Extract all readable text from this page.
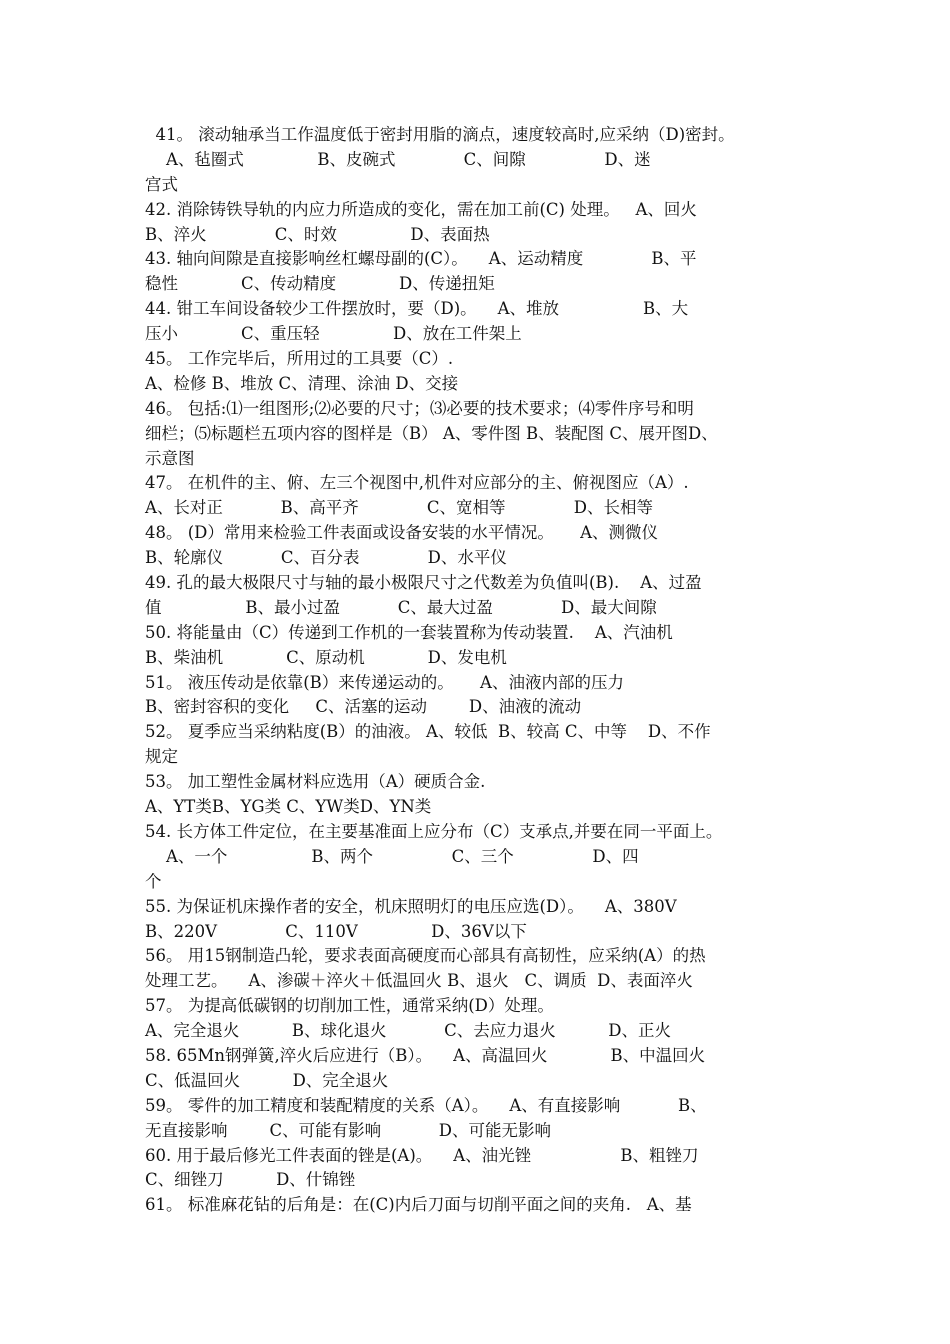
41。 滚动轴承当工作温度低于密封用脂的滴点，速度较高时,应采纳（D)密封。
A、毡圈式              B、皮碗式             C、间隙               D、迷
宫式
42. 消除铸铁导轨的内应力所造成的变化，需在加工前(C) 处理。   A、回火
B、淬火             C、时效              D、表面热
43. 轴向间隙是直接影响丝杠螺母副的(C）。    A、运动精度             B、平
稳性            C、传动精度            D、传递扭矩
44. 钳工车间设备较少工件摆放时，要（D)。    A、堆放                B、大
压小            C、重压轻              D、放在工件架上
45。 工作完毕后，所用过的工具要（C）.
A、检修 B、堆放 C、清理、涂油 D、交接
46。 包括:⑴一组图形;⑵必要的尺寸；⑶必要的技术要求；⑷零件序号和明
细栏；⑸标题栏五项内容的图样是（B） A、零件图 B、装配图 C、展开图D、
示意图
47。 在机件的主、俯、左三个视图中,机件对应部分的主、俯视图应（A）.
A、长对正           B、高平齐             C、宽相等             D、长相等
48。 (D）常用来检验工件表面或设备安装的水平情况。     A、测微仪
B、轮廓仪           C、百分表             D、水平仪
49. 孔的最大极限尺寸与轴的最小极限尺寸之代数差为负值叫(B).    A、过盈
值                B、最小过盈           C、最大过盈             D、最大间隙
50. 将能量由（C）传递到工作机的一套装置称为传动装置.    A、汽油机
B、柴油机            C、原动机            D、发电机
51。 液压传动是依靠(B）来传递运动的。     A、油液内部的压力
B、密封容积的变化     C、活塞的运动        D、油液的流动
52。 夏季应当采纳粘度(B）的油液。 A、较低  B、较高 C、中等    D、不作
规定
53。 加工塑性金属材料应选用（A）硬质合金.
A、YT类B、YG类 C、YW类D、YN类
54. 长方体工件定位，在主要基准面上应分布（C）支承点,并要在同一平面上。
A、一个                B、两个               C、三个               D、四
个
55. 为保证机床操作者的安全，机床照明灯的电压应选(D）。    A、380V
B、220V             C、110V              D、36V以下
56。 用15钢制造凸轮，要求表面高硬度而心部具有高韧性，应采纳(A）的热
处理工艺。    A、渗碳＋淬火＋低温回火 B、退火   C、调质  D、表面淬火
57。 为提高低碳钢的切削加工性，通常采纳(D）处理。
A、完全退火          B、球化退火           C、去应力退火          D、正火
58. 65Mn钢弹簧,淬火后应进行（B）。    A、高温回火            B、中温回火
C、低温回火          D、完全退火
59。 零件的加工精度和装配精度的关系（A）。    A、有直接影响           B、
无直接影响        C、可能有影响           D、可能无影响
60. 用于最后修光工件表面的锉是(A)。    A、油光锉                 B、粗锉刀
C、细锉刀          D、什锦锉
61。 标准麻花钻的后角是：在(C)内后刀面与切削平面之间的夹角.   A、基
